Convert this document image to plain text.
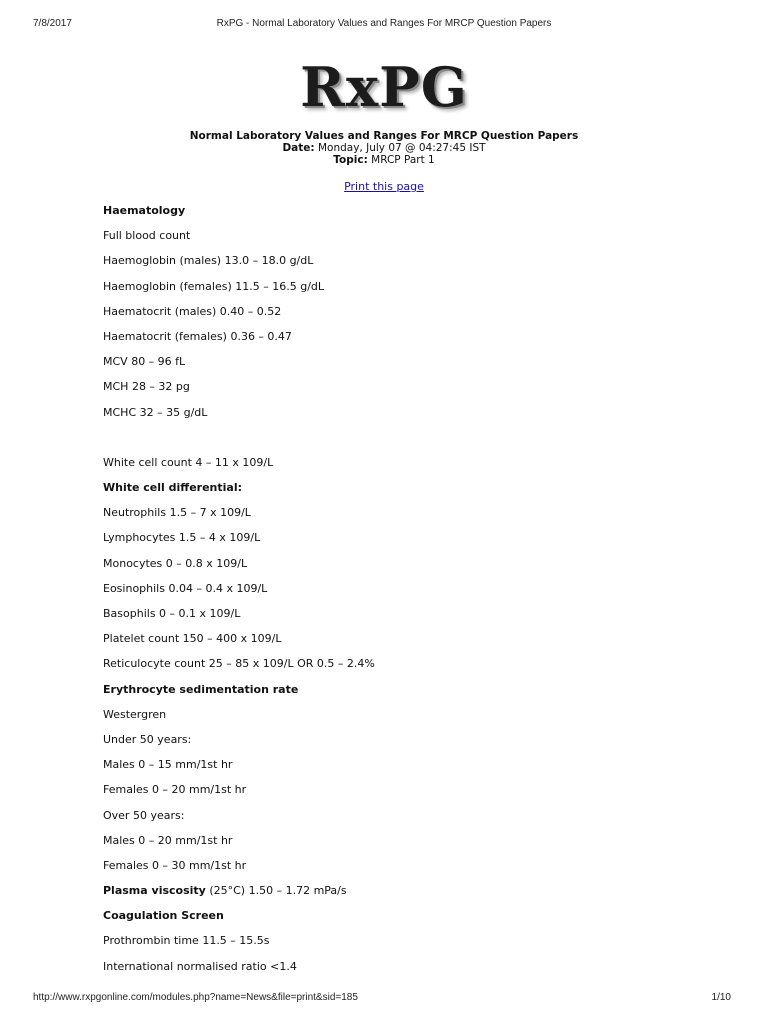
7/8/2017	RxPG - Normal Laboratory Values and Ranges For MRCP Question Papers
RxPG
Normal Laboratory Values and Ranges For MRCP Question Papers
Date: Monday, July 07 @ 04:27:45 IST
Topic: MRCP Part 1
Print this page
Haematology
Full blood count
Haemoglobin (males) 13.0 – 18.0 g/dL
Haemoglobin (females) 11.5 – 16.5 g/dL
Haematocrit (males) 0.40 – 0.52
Haematocrit (females) 0.36 – 0.47
MCV 80 – 96 fL
MCH 28 – 32 pg
MCHC 32 – 35 g/dL
White cell count 4 – 11 x 109/L
White cell differential:
Neutrophils 1.5 – 7 x 109/L
Lymphocytes 1.5 – 4 x 109/L
Monocytes 0 – 0.8 x 109/L
Eosinophils 0.04 – 0.4 x 109/L
Basophils 0 – 0.1 x 109/L
Platelet count 150 – 400 x 109/L
Reticulocyte count 25 – 85 x 109/L OR 0.5 – 2.4%
Erythrocyte sedimentation rate
Westergren
Under 50 years:
Males 0 – 15 mm/1st hr
Females 0 – 20 mm/1st hr
Over 50 years:
Males 0 – 20 mm/1st hr
Females 0 – 30 mm/1st hr
Plasma viscosity (25°C) 1.50 – 1.72 mPa/s
Coagulation Screen
Prothrombin time 11.5 – 15.5s
International normalised ratio <1.4
http://www.rxpgonline.com/modules.php?name=News&file=print&sid=185	1/10
